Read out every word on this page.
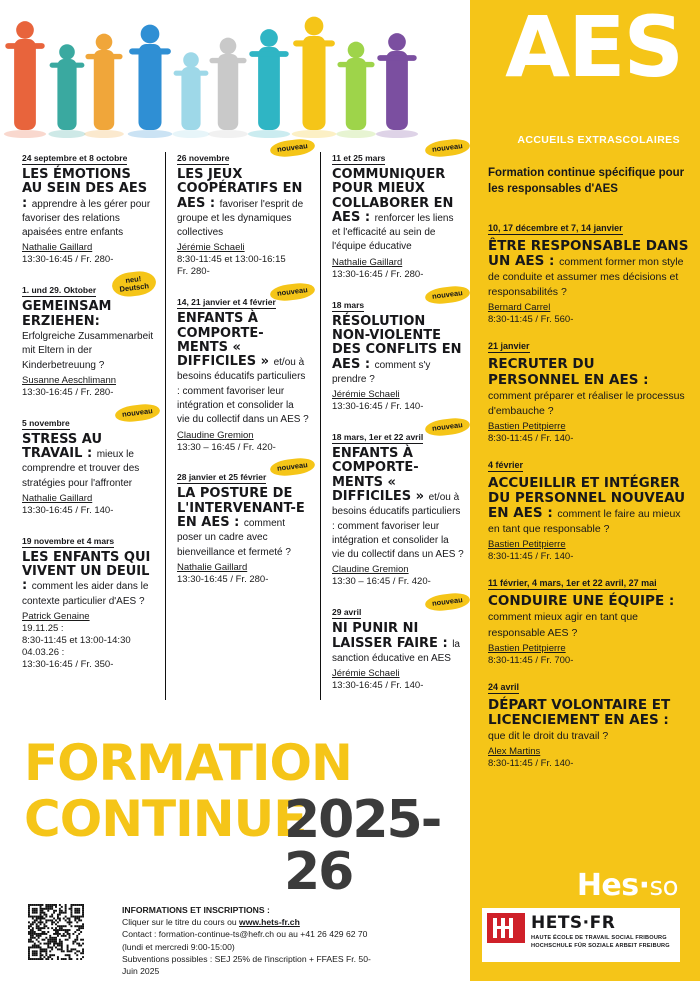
AES
ACCUEILS EXTRASCOLAIRES
Formation continue spécifique pour les responsables d'AES
10, 17 décembre et 7, 14 janvier
ÊTRE RESPONSABLE DANS UN AES : comment former mon style de conduite et assumer mes décisions et responsabilités ?
Bernard Carrel
8:30-11:45 / Fr. 560-
21 janvier
RECRUTER DU PERSONNEL EN AES : comment préparer et réaliser le processus d'embauche ?
Bastien Petitpierre
8:30-11:45 / Fr. 140-
4 février
ACCUEILLIR ET INTÉGRER DU PERSONNEL NOUVEAU EN AES : comment le faire au mieux en tant que responsable ?
Bastien Petitpierre
8:30-11:45 / Fr. 140-
11 février, 4 mars, 1er et 22 avril, 27 mai
CONDUIRE UNE ÉQUIPE : comment mieux agir en tant que responsable AES ?
Bastien Petitpierre
8:30-11:45 / Fr. 700-
24 avril
DÉPART VOLONTAIRE ET LICENCIEMENT EN AES : que dit le droit du travail ?
Alex Martins
8:30-11:45 / Fr. 140-
24 septembre et 8 octobre
LES ÉMOTIONS AU SEIN DES AES : apprendre à les gérer pour favoriser des relations apaisées entre enfants
Nathalie Gaillard
13:30-16:45 / Fr. 280-
neu!
Deutsch
1. und 29. Oktober
GEMEINSAM ERZIEHEN: Erfolgreiche Zusammenarbeit mit Eltern in der Kinderbetreuung ?
Susanne Aeschlimann
13:30-16:45 / Fr. 280-
nouveau
5 novembre
STRESS AU TRAVAIL : mieux le comprendre et trouver des stratégies pour l'affronter
Nathalie Gaillard
13:30-16:45 / Fr. 140-
19 novembre et 4 mars
LES ENFANTS QUI VIVENT UN DEUIL : comment les aider dans le contexte particulier d'AES ?
Patrick Genaine
19.11.25 :
8:30-11:45 et 13:00-14:30
04.03.26 :
13:30-16:45 / Fr. 350-
nouveau
26 novembre
LES JEUX COOPÉRATIFS EN AES : favoriser l'esprit de groupe et les dynamiques collectives
Jérémie Schaeli
8:30-11:45 et 13:00-16:15
Fr. 280-
nouveau
14, 21 janvier et 4 février
ENFANTS À COMPORTE-MENTS « DIFFICILES » et/ou à besoins éducatifs particuliers : comment favoriser leur intégration et consolider la vie du collectif dans un AES ?
Claudine Gremion
13:30 – 16:45 / Fr. 420-
nouveau
28 janvier et 25 février
LA POSTURE DE L'INTERVENANT-E EN AES : comment poser un cadre avec bienveillance et fermeté ?
Nathalie Gaillard
13:30-16:45 / Fr. 280-
nouveau
11 et 25 mars
COMMUNIQUER POUR MIEUX COLLABORER EN AES : renforcer les liens et l'efficacité au sein de l'équipe éducative
Nathalie Gaillard
13:30-16:45 / Fr. 280-
nouveau
18 mars
RÉSOLUTION NON-VIOLENTE DES CONFLITS EN AES : comment s'y prendre ?
Jérémie Schaeli
13:30-16:45 / Fr. 140-
nouveau
18 mars, 1er et 22 avril
ENFANTS À COMPORTE-MENTS « DIFFICILES » et/ou à besoins éducatifs particuliers : comment favoriser leur intégration et consolider la vie du collectif dans un AES ?
Claudine Gremion
13:30 – 16:45 / Fr. 420-
nouveau
29 avril
NI PUNIR NI LAISSER FAIRE : la sanction éducative en AES
Jérémie Schaeli
13:30-16:45 / Fr. 140-
FORMATION
CONTINUE
2025-26
INFORMATIONS ET INSCRIPTIONS :
Cliquer sur le titre du cours ou www.hets-fr.ch
Contact : formation-continue-ts@hefr.ch ou au +41 26 429 62 70
(lundi et mercredi 9:00-15:00)
Subventions possibles : SEJ 25% de l'inscription + FFAES Fr. 50-
Juin 2025
Hes·so
HETS·FR
HAUTE ÉCOLE DE TRAVAIL SOCIAL FRIBOURG
HOCHSCHULE FÜR SOZIALE ARBEIT FREIBURG
